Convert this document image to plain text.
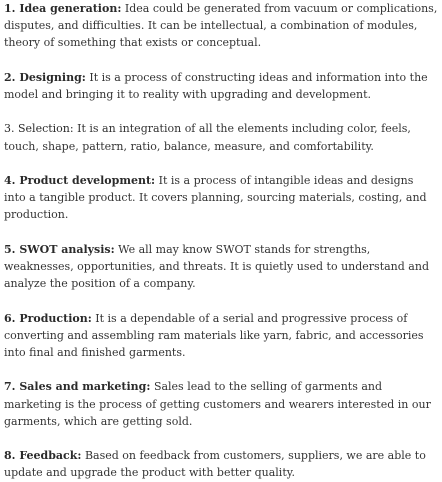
1. Idea generation: Idea could be generated from vacuum or complications, disputes, and difficulties. It can be intellectual, a combination of modules, theory of something that exists or conceptual.

2. Designing: It is a process of constructing ideas and information into the model and bringing it to reality with upgrading and development.

3. Selection: It is an integration of all the elements including color, feels, touch, shape, pattern, ratio, balance, measure, and comfortability.

4. Product development: It is a process of intangible ideas and designs into a tangible product. It covers planning, sourcing materials, costing, and production.

5. SWOT analysis: We all may know SWOT stands for strengths, weaknesses, opportunities, and threats. It is quietly used to understand and analyze the position of a company.

6. Production: It is a dependable of a serial and progressive process of converting and assembling ram materials like yarn, fabric, and accessories into final and finished garments.

7. Sales and marketing: Sales lead to the selling of garments and marketing is the process of getting customers and wearers interested in our garments, which are getting sold.

8. Feedback: Based on feedback from customers, suppliers, we are able to update and upgrade the product with better quality.
